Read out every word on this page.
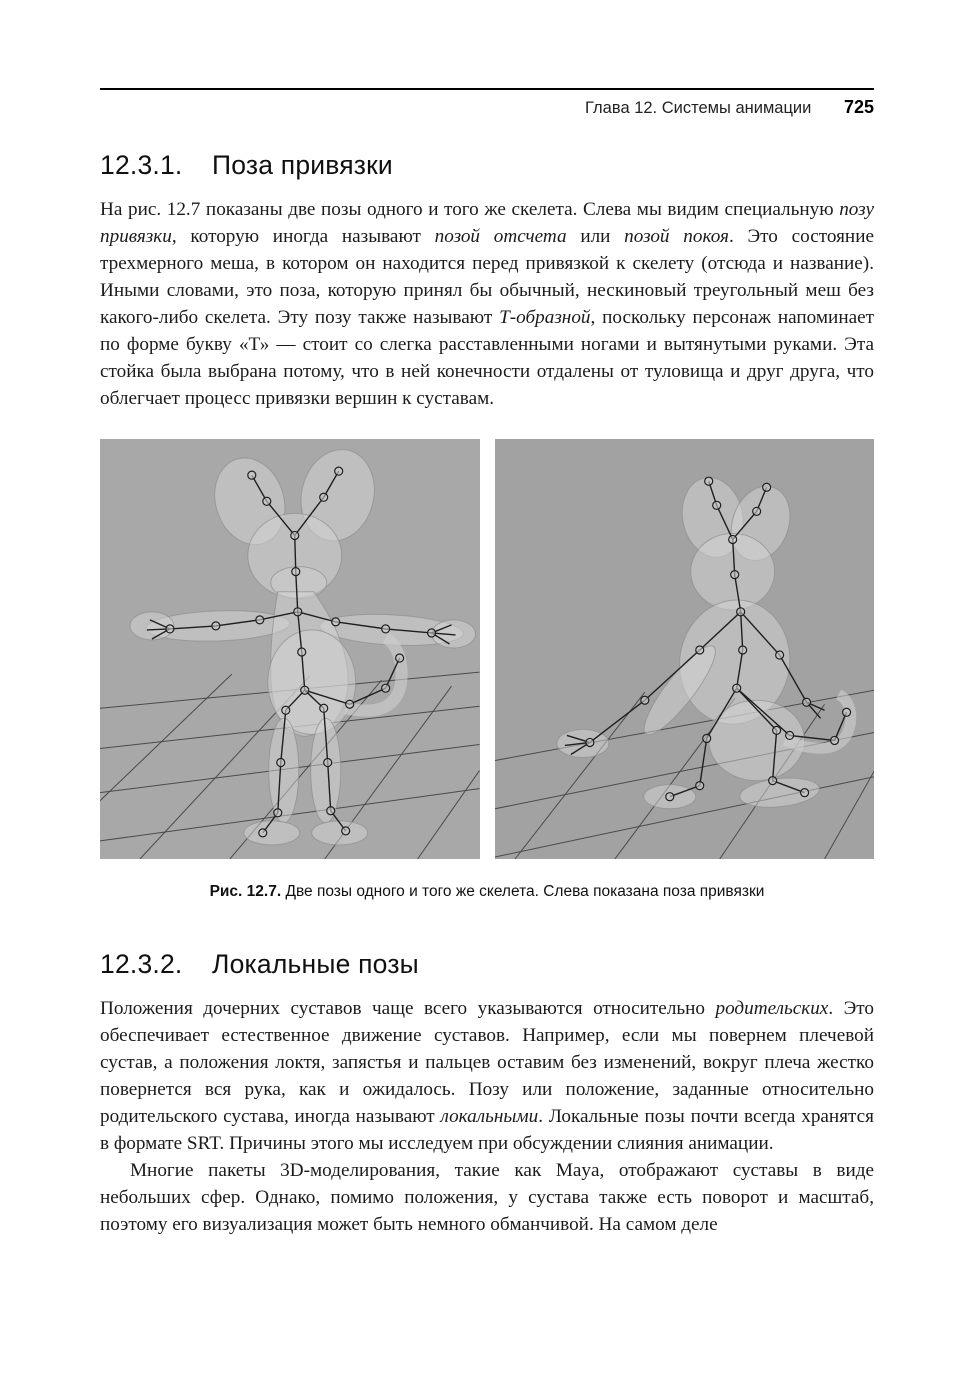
Глава 12. Системы анимации 725
12.3.1. Поза привязки

На рис. 12.7 показаны две позы одного и того же скелета. Слева мы видим специальную позу привязки, которую иногда называют позой отсчета или позой покоя. Это состояние трехмерного меша, в котором он находится перед привязкой к скелету (отсюда и название). Иными словами, это поза, которую принял бы обычный, нескиновый треугольный меш без какого-либо скелета. Эту позу также называют Т-образной, поскольку персонаж напоминает по форме букву «Т» — стоит со слегка расставленными ногами и вытянутыми руками. Эта стойка была выбрана потому, что в ней конечности отдалены от туловища и друг друга, что облегчает процесс привязки вершин к суставам.

Рис. 12.7. Две позы одного и того же скелета. Слева показана поза привязки
12.3.2. Локальные позы

Положения дочерних суставов чаще всего указываются относительно родительских. Это обеспечивает естественное движение суставов. Например, если мы повернем плечевой сустав, а положения локтя, запястья и пальцев оставим без изменений, вокруг плеча жестко повернется вся рука, как и ожидалось. Позу или положение, заданные относительно родительского сустава, иногда называют локальными. Локальные позы почти всегда хранятся в формате SRT. Причины этого мы исследуем при обсуждении слияния анимации.

Многие пакеты 3D-моделирования, такие как Maya, отображают суставы в виде небольших сфер. Однако, помимо положения, у сустава также есть поворот и масштаб, поэтому его визуализация может быть немного обманчивой. На самом деле
